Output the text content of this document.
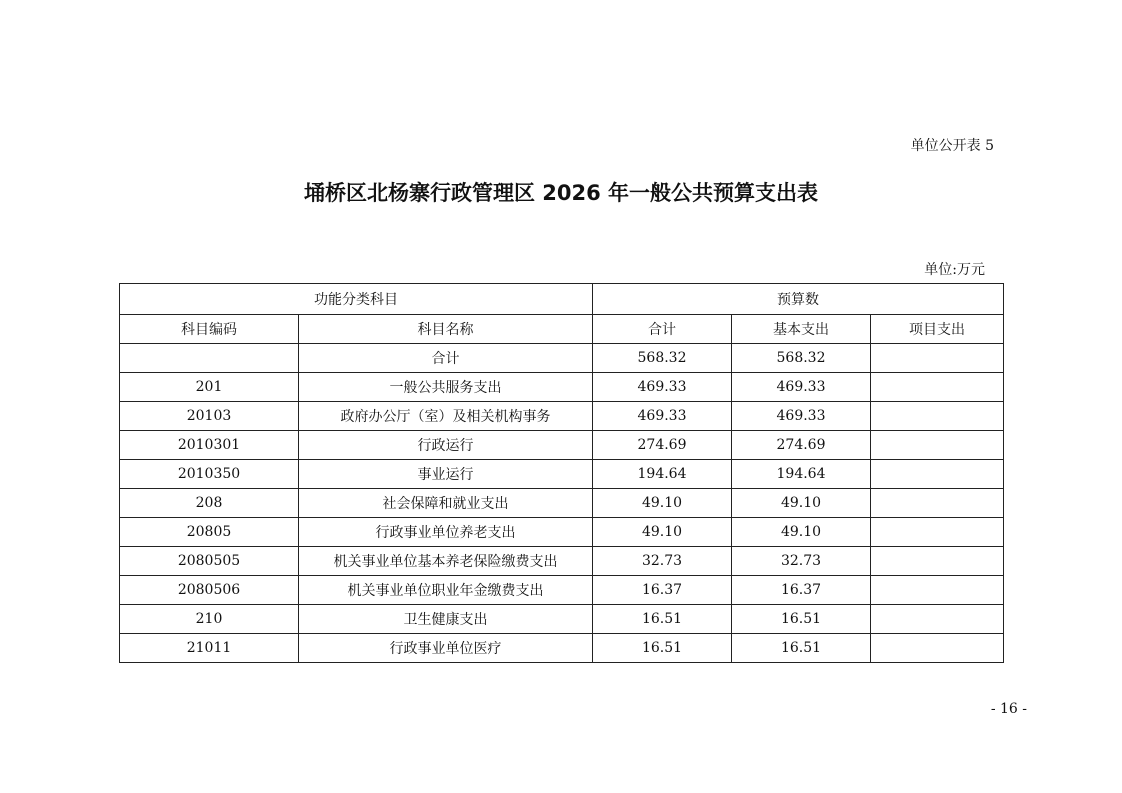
单位公开表 5
埇桥区北杨寨行政管理区 2026 年一般公共预算支出表
单位:万元
功能分类科目		预算数		
科目编码	科目名称	合计	基本支出	项目支出
	合计	568.32	568.32	
201	一般公共服务支出	469.33	469.33	
20103	政府办公厅（室）及相关机构事务	469.33	469.33	
2010301	行政运行	274.69	274.69	
2010350	事业运行	194.64	194.64	
208	社会保障和就业支出	49.10	49.10	
20805	行政事业单位养老支出	49.10	49.10	
2080505	机关事业单位基本养老保险缴费支出	32.73	32.73	
2080506	机关事业单位职业年金缴费支出	16.37	16.37	
210	卫生健康支出	16.51	16.51	
21011	行政事业单位医疗	16.51	16.51	
- 16 -
